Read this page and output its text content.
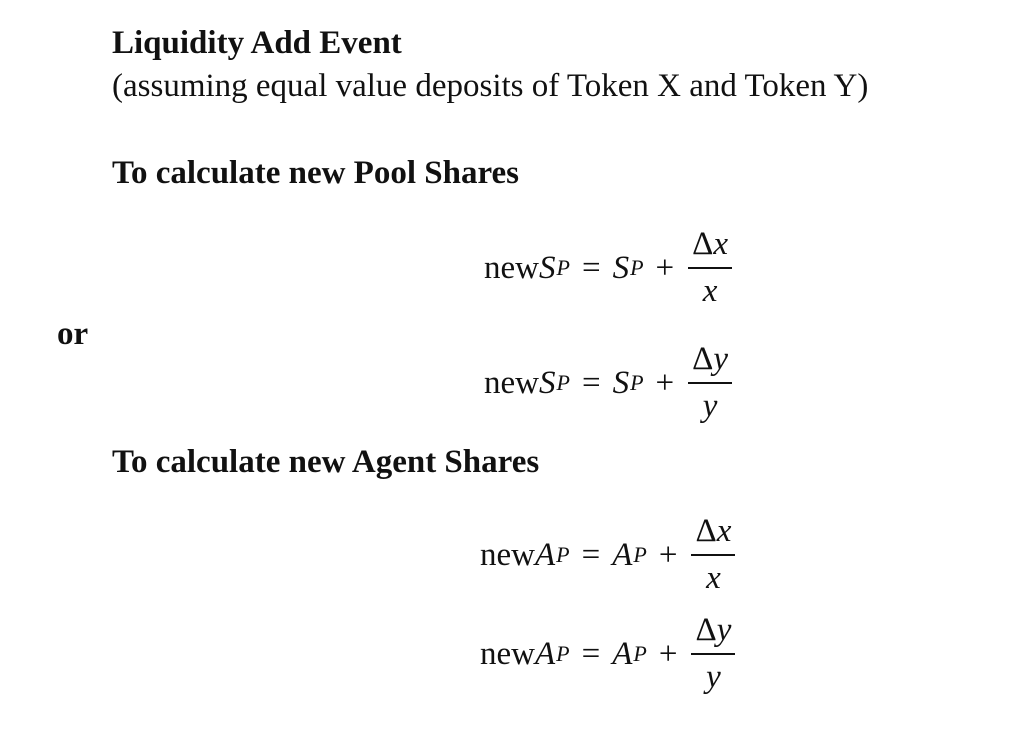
Liquidity Add Event
(assuming equal value deposits of Token X and Token Y)
To calculate new Pool Shares
new S P = S $P + \frac{\Delta x}{x}$
or
new S P = S $P + \frac{\Delta y}{y}$
To calculate new Agent Shares
new A P = A $P + \frac{\Delta x}{x}$
new A P = A $P + \frac{\Delta y}{y}$
